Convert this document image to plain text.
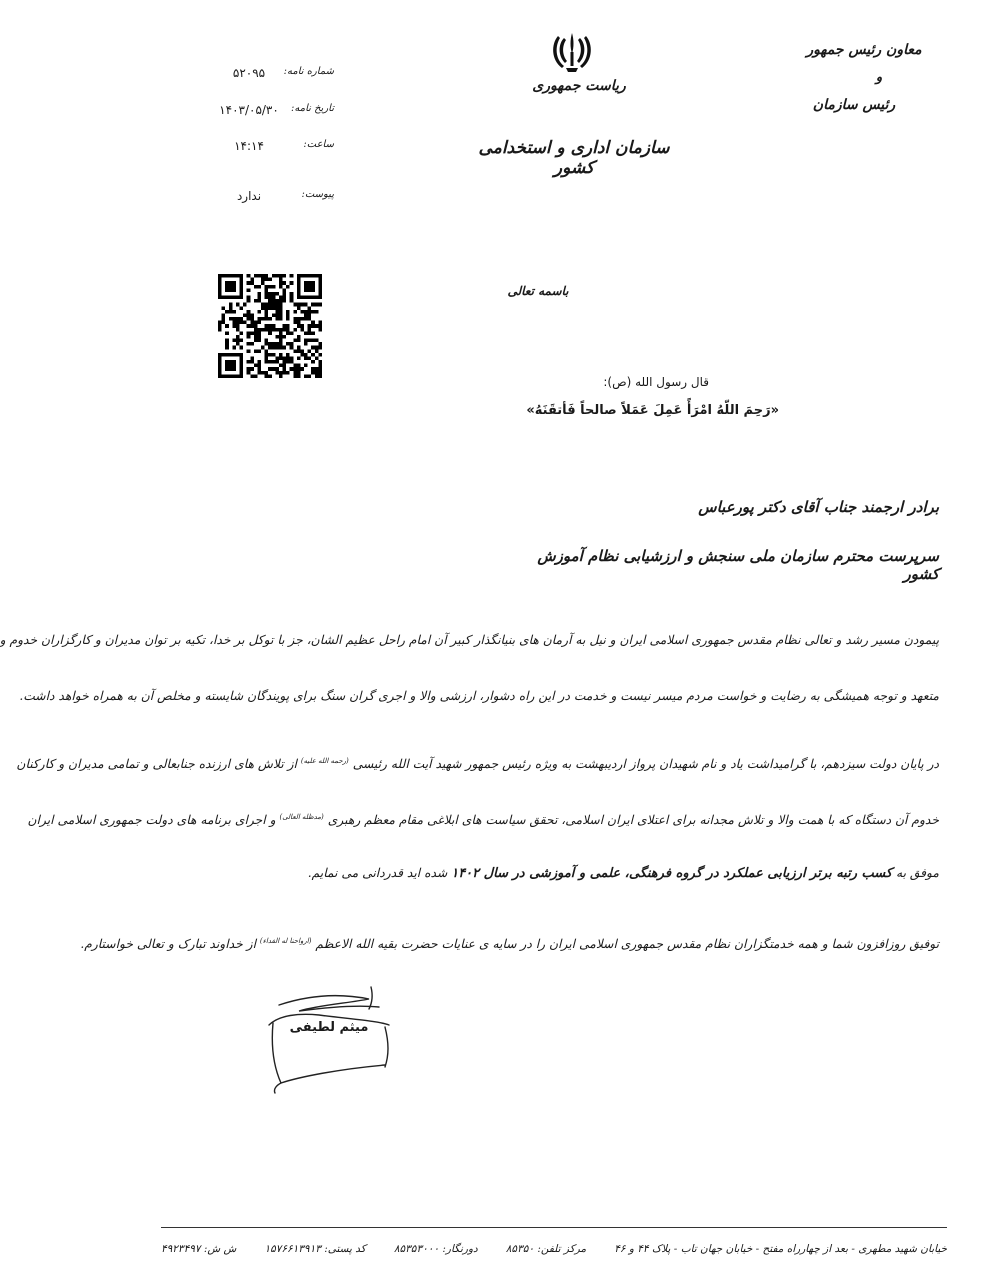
معاون رئیس جمهور
و
رئیس سازمان
ریاست جمهوری
سازمان اداری و استخدامی کشور
شماره نامه:
۵۲۰۹۵
تاریخ نامه:
۱۴۰۳/۰۵/۳۰
ساعت:
۱۴:۱۴
پیوست:
ندارد
باسمه تعالی
قال رسول الله (ص):
«رَحِمَ اللّهُ امْرَأً عَمِلَ عَمَلاً صالحاً فَأتقَنَهُ»
برادر ارجمند جناب آقای دکتر پورعباس
سرپرست محترم سازمان ملی سنجش و ارزشیابی نظام آموزش کشور
پیمودن مسیر رشد و تعالی نظام مقدس جمهوری اسلامی ایران و نیل به آرمان های بنیانگذار کبیر آن امام راحل عظیم الشان، جز با توکل بر خدا، تکیه بر توان مدیران و کارگزاران خدوم و
متعهد و توجه همیشگی به رضایت و خواست مردم میسر نیست و خدمت در این راه دشوار، ارزشی والا و اجری گران سنگ برای پویندگان شایسته و مخلص آن به همراه خواهد داشت.
در پایان دولت سیزدهم، با گرامیداشت یاد و نام شهیدان پرواز اردیبهشت به ویژه رئیس جمهور شهید آیت الله رئیسی $^{(رحمه الله علیه)}$ از تلاش های ارزنده جنابعالی و تمامی مدیران و کارکنان
خدوم آن دستگاه که با همت والا و تلاش مجدانه برای اعتلای ایران اسلامی، تحقق سیاست های ابلاغی مقام معظم رهبری $^{(مدظله العالی)}$ و اجرای برنامه های دولت جمهوری اسلامی ایران
موفق به کسب رتبه برتر ارزیابی عملکرد در گروه فرهنگی، علمی و آموزشی در سال ۱۴۰۲ شده اید قدردانی می نمایم.
توفیق روزافزون شما و همه خدمتگزاران نظام مقدس جمهوری اسلامی ایران را در سایه ی عنایات حضرت بقیه الله الاعظم $^{(ارواحنا له الفداء)}$ از خداوند تبارک و تعالی خواستارم.
میثم لطیفی
خیابان شهید مطهری - بعد از چهارراه مفتح - خیابان جهان تاب - پلاک ۴۴ و ۴۶
مرکز تلفن: ۸۵۳۵۰
دورنگار: ۸۵۳۵۳۰۰۰
کد پستی: ۱۵۷۶۶۱۳۹۱۳
ش ش: ۴۹۲۳۴۹۷
